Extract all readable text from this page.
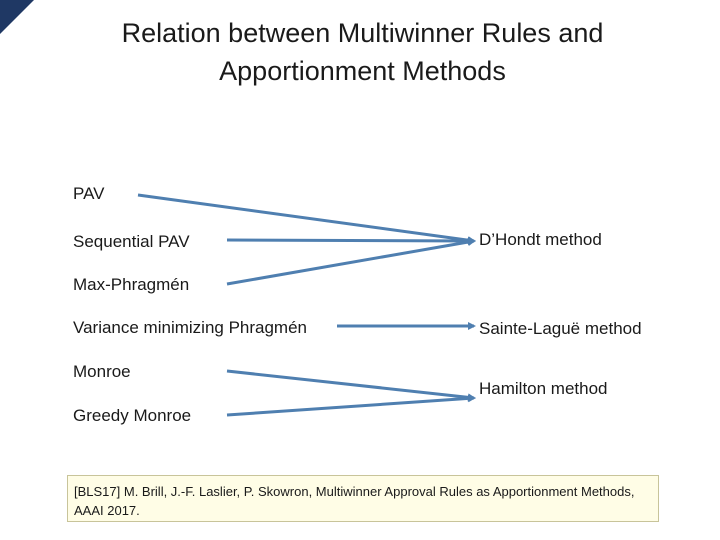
Relation between Multiwinner Rules and
Apportionment Methods
PAV
Sequential PAV
Max-Phragmén
Variance minimizing Phragmén
Monroe
Greedy Monroe
D’Hondt method
Sainte-Laguë method
Hamilton method
[BLS17] M. Brill, J.-F. Laslier, P. Skowron, Multiwinner Approval Rules as Apportionment Methods, AAAI 2017.
